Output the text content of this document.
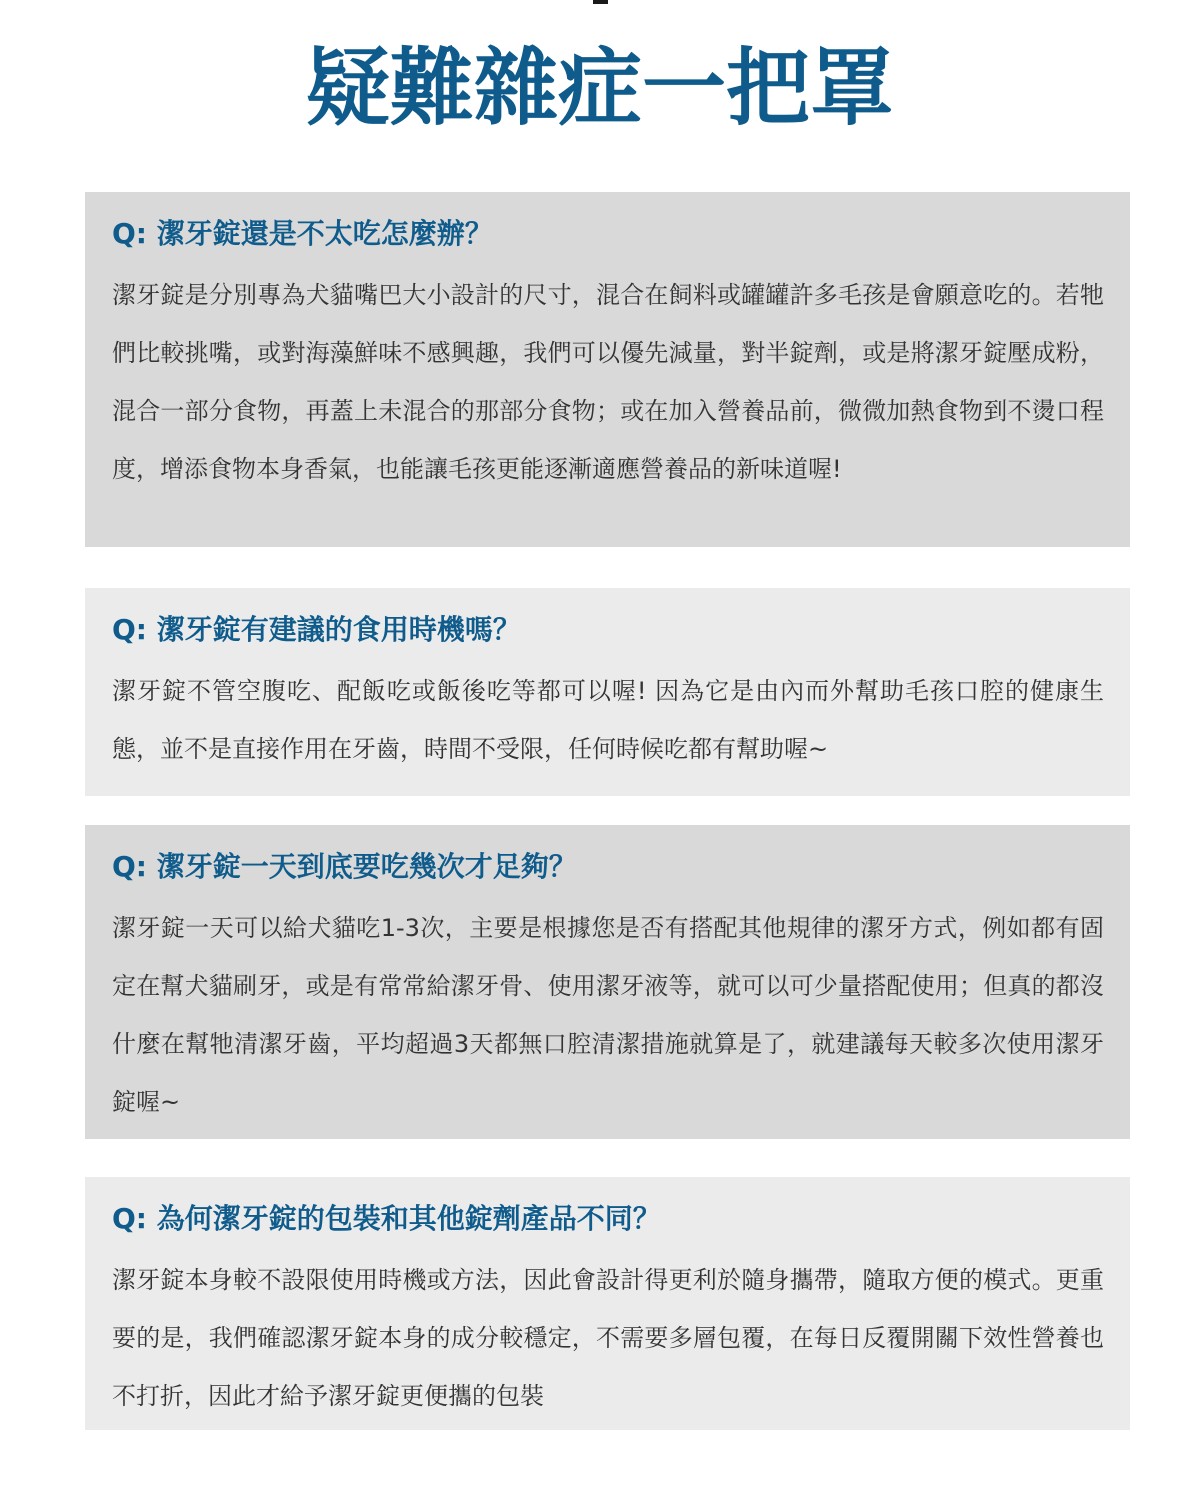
疑難雜症一把罩
Q: 潔牙錠還是不太吃怎麼辦？

潔牙錠是分別專為犬貓嘴巴大小設計的尺寸，混合在飼料或罐罐許多毛孩是會願意吃的。若牠們比較挑嘴，或對海藻鮮味不感興趣，我們可以優先減量，對半錠劑，或是將潔牙錠壓成粉，混合一部分食物，再蓋上未混合的那部分食物；或在加入營養品前，微微加熱食物到不燙口程度，增添食物本身香氣，也能讓毛孩更能逐漸適應營養品的新味道喔!

Q: 潔牙錠有建議的食用時機嗎？

潔牙錠不管空腹吃、配飯吃或飯後吃等都可以喔! 因為它是由內而外幫助毛孩口腔的健康生態，並不是直接作用在牙齒，時間不受限，任何時候吃都有幫助喔~

Q: 潔牙錠一天到底要吃幾次才足夠？

潔牙錠一天可以給犬貓吃1-3次，主要是根據您是否有搭配其他規律的潔牙方式，例如都有固定在幫犬貓刷牙，或是有常常給潔牙骨、使用潔牙液等，就可以可少量搭配使用；但真的都沒什麼在幫牠清潔牙齒，平均超過3天都無口腔清潔措施就算是了，就建議每天較多次使用潔牙錠喔~

Q: 為何潔牙錠的包裝和其他錠劑產品不同？

潔牙錠本身較不設限使用時機或方法，因此會設計得更利於隨身攜帶，隨取方便的模式。更重要的是，我們確認潔牙錠本身的成分較穩定，不需要多層包覆，在每日反覆開關下效性營養也不打折，因此才給予潔牙錠更便攜的包裝
